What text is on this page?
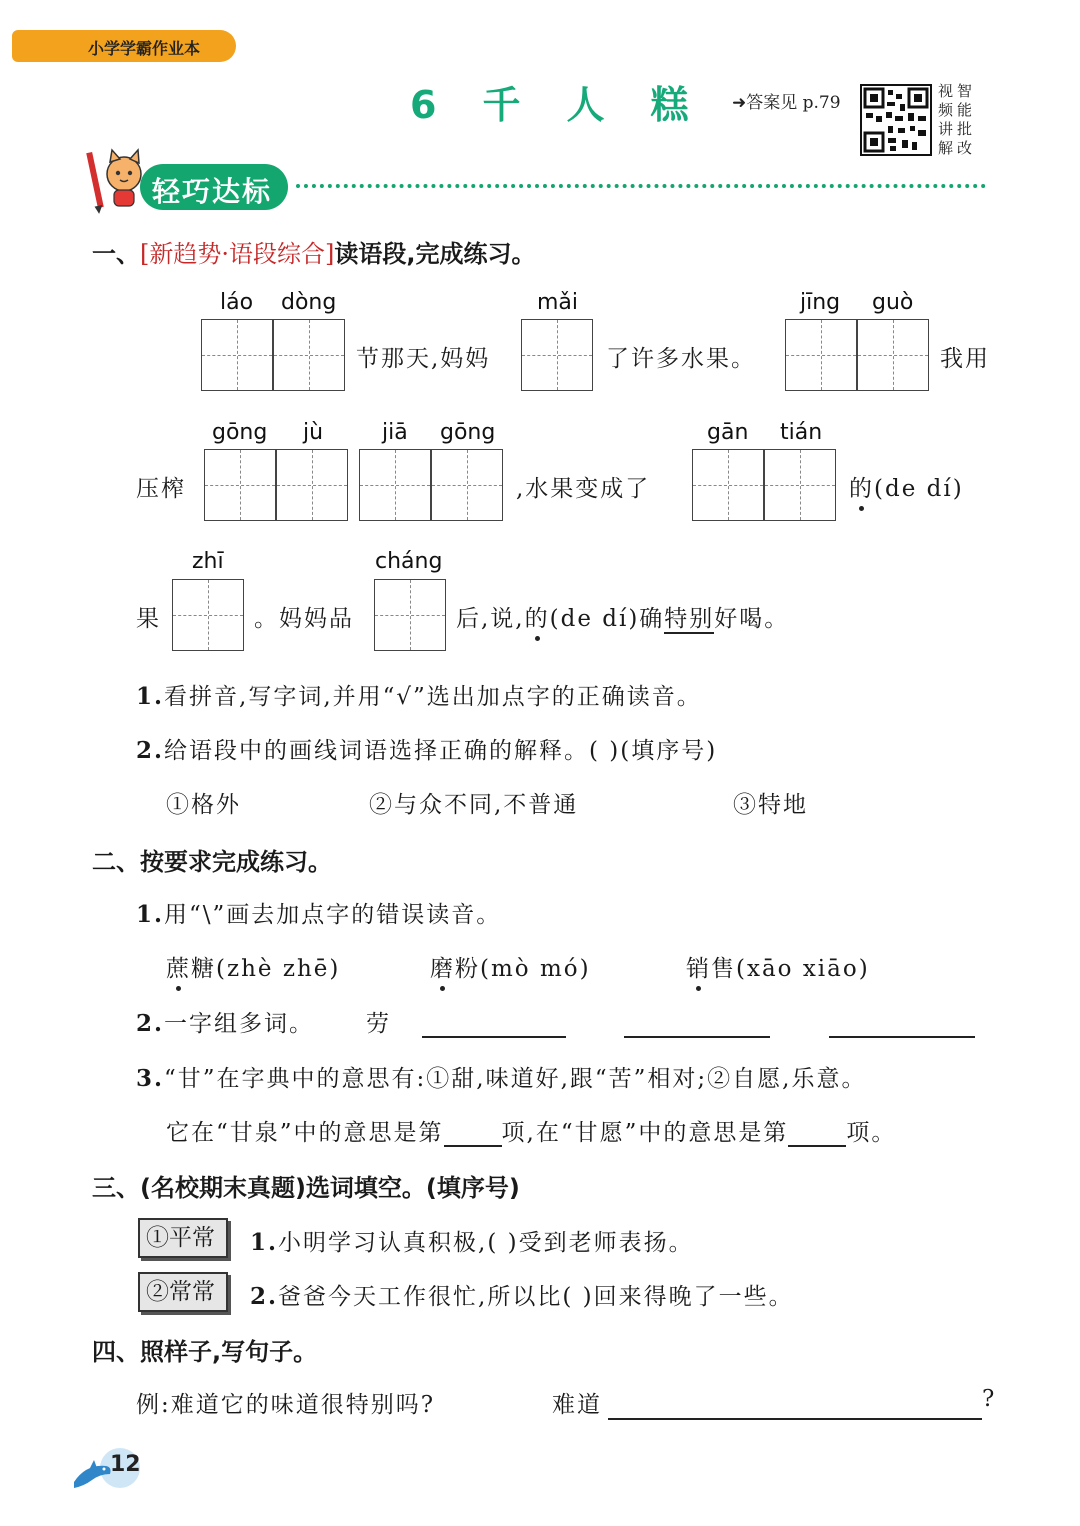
小学学霸作业本
6 千 人 糕	➜答案见 p.79
视 智频 能讲 批解 改
轻巧达标
一、[新趋势·语段综合]读语段,完成练习。
láo dòng
节那天,妈妈
mǎi
了许多水果。
jīng guò
我用
gōng jù
压榨
jiā gōng
,水果变成了
gān tián
的(de dí)
zhī
果	。妈妈品
cháng
后,说,的(de dí)确特别好喝。
1.看拼音,写字词,并用“√”选出加点字的正确读音。
2.给语段中的画线词语选择正确的解释。( )(填序号)
①格外	②与众不同,不普通	③特地
二、按要求完成练习。
1.用“\”画去加点字的错误读音。
蔗糖(zhè zhē)	磨粉(mò mó)	销售(xāo xiāo)
2.一字组多词。 劳
3.“甘”在字典中的意思有:①甜,味道好,跟“苦”相对;②自愿,乐意。
它在“甘泉”中的意思是第	项,在“甘愿”中的意思是第	项。
三、(名校期末真题)选词填空。(填序号)
①平常	1.小明学习认真积极,( )受到老师表扬。
②常常	2.爸爸今天工作很忙,所以比( )回来得晚了一些。
四、照样子,写句子。
例:难道它的味道很特别吗?	难道	?
12
